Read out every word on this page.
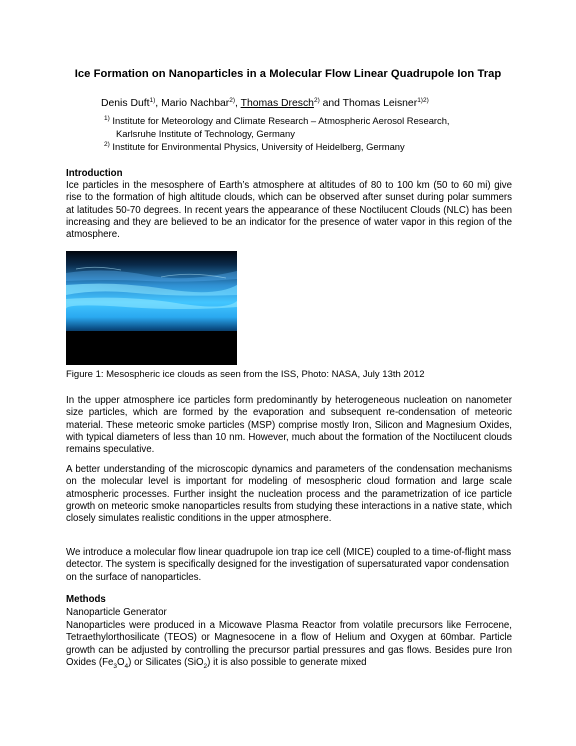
Ice Formation on Nanoparticles in a Molecular Flow Linear Quadrupole Ion Trap
Denis Duft$^{1)}$, Mario Nachbar$^{2)}$, Thomas Dresch$^{2)}$ and Thomas Leisner$^{1)2)}$
$^{1)}$ Institute for Meteorology and Climate Research – Atmospheric Aerosol Research,
Karlsruhe Institute of Technology, Germany
$^{2)}$ Institute for Environmental Physics, University of Heidelberg, Germany
Introduction

Ice particles in the mesosphere of Earth’s atmosphere at altitudes of 80 to 100 km (50 to 60 mi) give rise to the formation of high altitude clouds, which can be observed after sunset during polar summers at latitudes 50-70 degrees. In recent years the appearance of these Noctilucent Clouds (NLC) has been increasing and they are believed to be an indicator for the presence of water vapor in this region of the atmosphere.

Figure 1: Mesospheric ice clouds as seen from the ISS, Photo: NASA, July 13th 2012

In the upper atmosphere ice particles form predominantly by heterogeneous nucleation on nanometer size particles, which are formed by the evaporation and subsequent re-condensation of meteoric material. These meteoric smoke particles (MSP) comprise mostly Iron, Silicon and Magnesium Oxides, with typical diameters of less than 10 nm. However, much about the formation of the Noctilucent clouds remains speculative.

A better understanding of the microscopic dynamics and parameters of the condensation mechanisms on the molecular level is important for modeling of mesospheric cloud formation and large scale atmospheric processes. Further insight the nucleation process and the parametrization of ice particle growth on meteoric smoke nanoparticles results from studying these interactions in a native state, which closely simulates realistic conditions in the upper atmosphere.

We introduce a molecular flow linear quadrupole ion trap ice cell (MICE) coupled to a time-of-flight mass detector. The system is specifically designed for the investigation of supersaturated vapor condensation on the surface of nanoparticles.

Methods
Nanoparticle Generator

Nanoparticles were produced in a Micowave Plasma Reactor from volatile precursors like Ferrocene, Tetraethylorthosilicate (TEOS) or Magnesocene in a flow of Helium and Oxygen at 60mbar. Particle growth can be adjusted by controlling the precursor partial pressures and gas flows. Besides pure Iron Oxides $(Fe_3O_4)$ or Silicates (SiO$_2$) it is also possible to generate mixed
